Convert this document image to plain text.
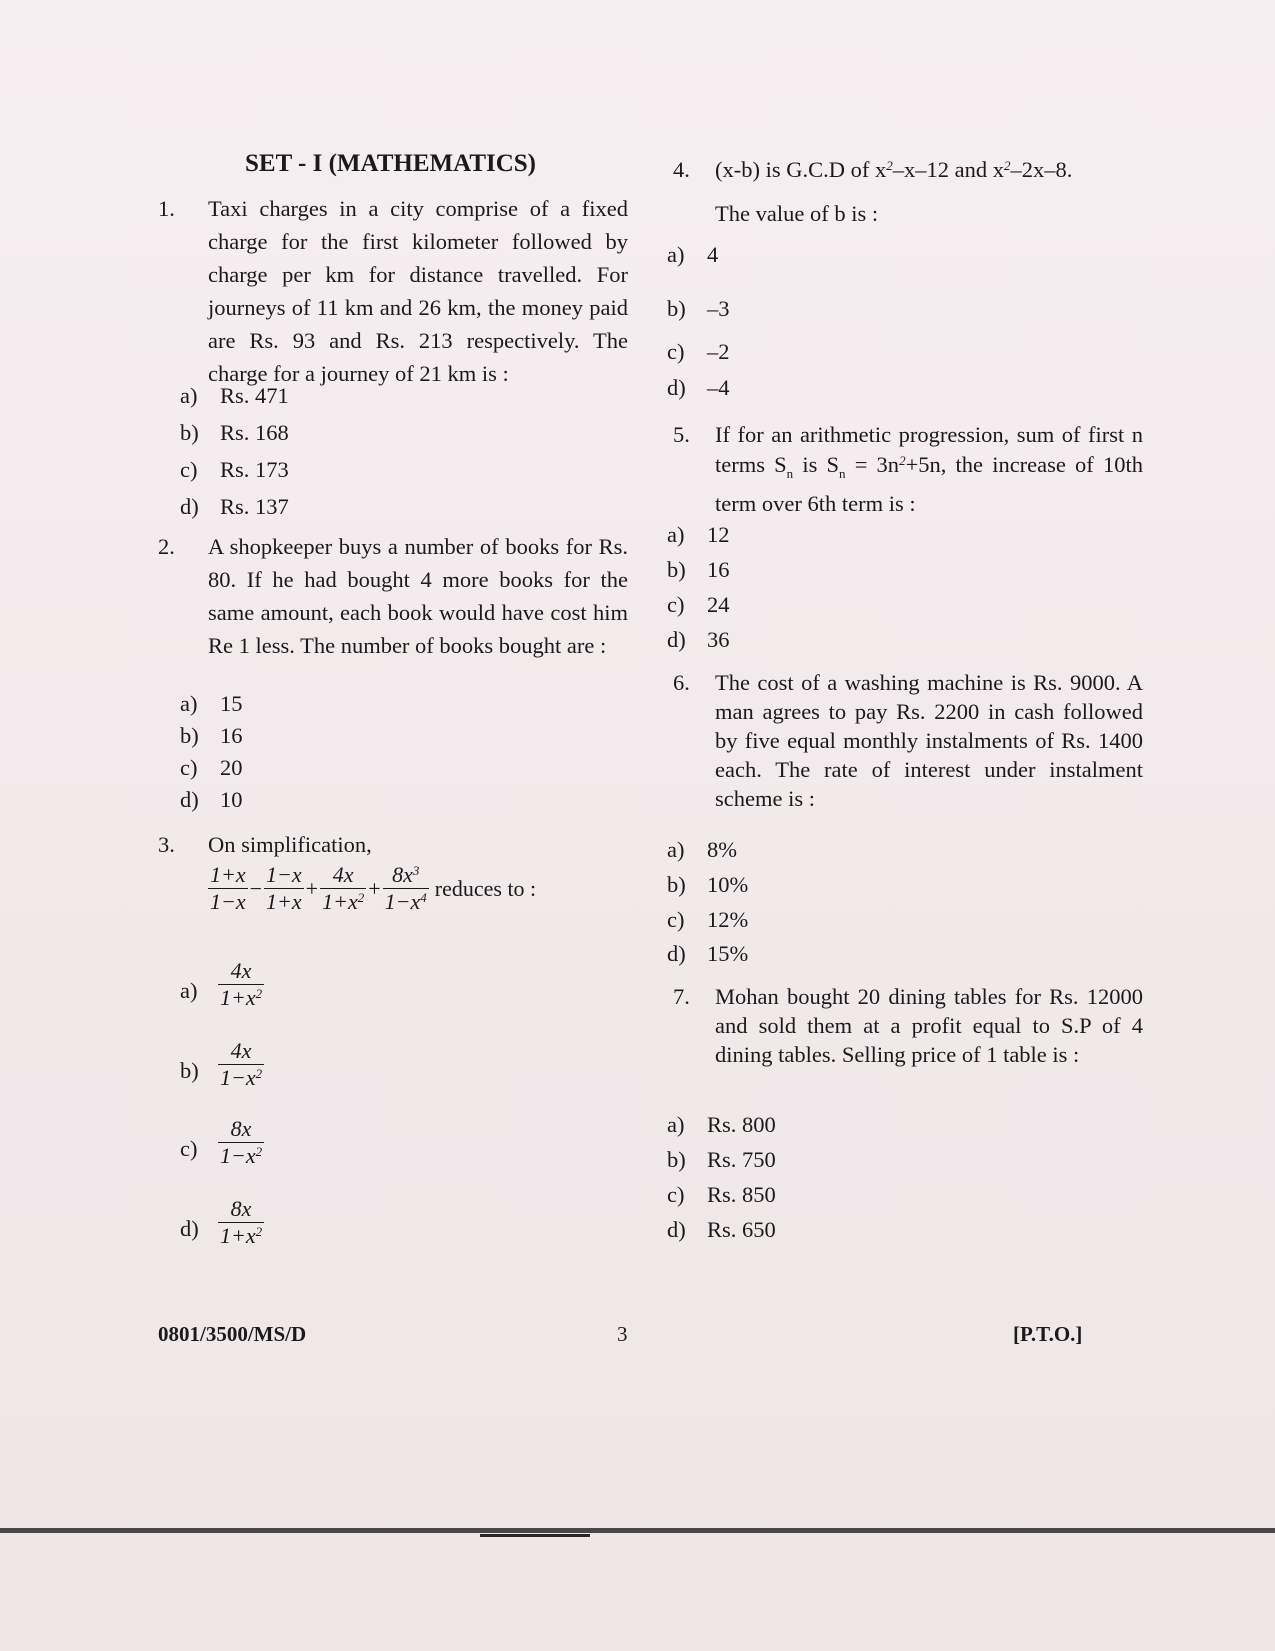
SET - I (MATHEMATICS)
1. Taxi charges in a city comprise of a fixed charge for the first kilometer followed by charge per km for distance travelled. For journeys of 11 km and 26 km, the money paid are Rs. 93 and Rs. 213 respectively. The charge for a journey of 21 km is :
a) Rs. 471
b) Rs. 168
c) Rs. 173
d) Rs. 137
2. A shopkeeper buys a number of books for Rs. 80. If he had bought 4 more books for the same amount, each book would have cost him Re 1 less. The number of books bought are :
a) 15
b) 16
c) 20
d) 10
3. On simplification,
$\frac{1+x}{1-x} - \frac{1-x}{1+x} + \frac{4x}{1+x^2} + \frac{8x^3}{1-x^4}$ reduces to :
$a) \frac{4x}{1+x^2}$
$b) \frac{4x}{1-x^2}$
$c) \frac{8x}{1-x^2}$
$d) \frac{8x}{1+x^2}$
4. (x-b) is G.C.D of $x^2-x-12$ and $x^2-2x-8$.
The value of b is :
a) 4
b) –3
c) –2
d) –4
5. If for an arithmetic progression, sum of first n terms $S_n$ is $S_n = 3n^2+5n$, the increase of 10th term over 6th term is :
a) 12
b) 16
c) 24
d) 36
6. The cost of a washing machine is Rs. 9000. A man agrees to pay Rs. 2200 in cash followed by five equal monthly instalments of Rs. 1400 each. The rate of interest under instalment scheme is :
a) 8%
b) 10%
c) 12%
d) 15%
7. Mohan bought 20 dining tables for Rs. 12000 and sold them at a profit equal to S.P of 4 dining tables. Selling price of 1 table is :
a) Rs. 800
b) Rs. 750
c) Rs. 850
d) Rs. 650
0801/3500/MS/D	3	[P.T.O.]
